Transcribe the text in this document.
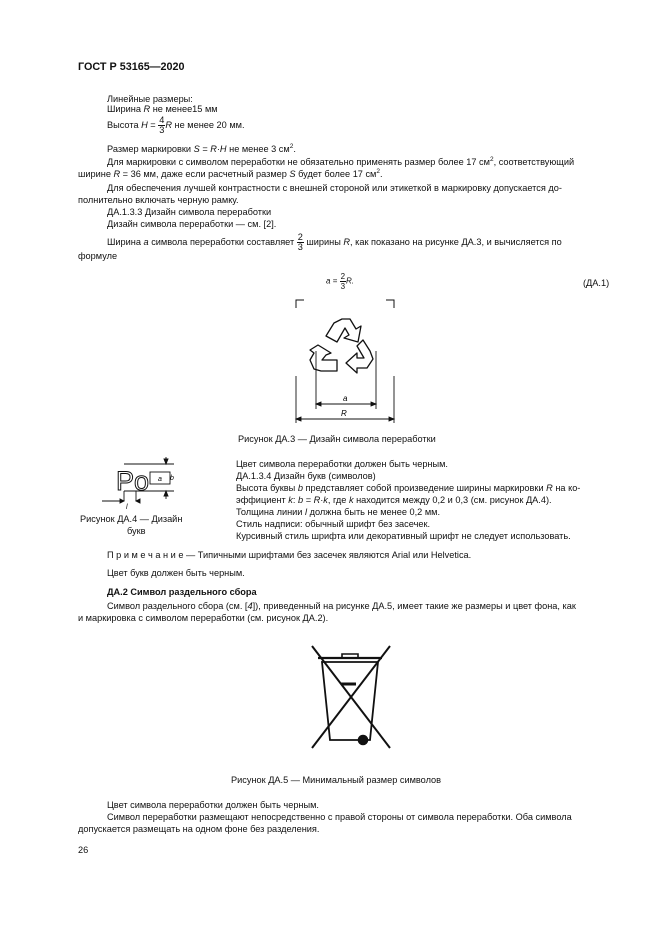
ГОСТ Р 53165—2020
Линейные размеры:
Ширина R не менее15 мм
Высота $H = \frac{4}{3}$ R не менее 20 мм.
Размер маркировки S = R·H не менее 3 $см^2$.
Для маркировки с символом переработки не обязательно применять размер более 17 $см^2$, соответствующий
ширине R = 36 мм, даже если расчетный размер S будет более 17 $см^2$.
Для обеспечения лучшей контрастности с внешней стороной или этикеткой в маркировку допускается до-
полнительно включать черную рамку.
ДА.1.3.3 Дизайн символа переработки
Дизайн символа переработки — см. [2].
Ширина a символа переработки составляет $\frac{2}{3}$ ширины R, как показано на рисунке ДА.3, и вычисляется по
формуле
$a = \frac{2}{3} R$.	(ДА.1)
a
R
Рисунок ДА.3 — Дизайн символа переработки
Po	b
a
l
Рисунок ДА.4 — Дизайн
букв
Цвет символа переработки должен быть черным.
ДА.1.3.4 Дизайн букв (символов)
Высота буквы b представляет собой произведение ширины маркировки R на ко-
эффициент k: b = R·k, где k находится между 0,2 и 0,3 (см. рисунок ДА.4).
Толщина линии l должна быть не менее 0,2 мм.
Стиль надписи: обычный шрифт без засечек.
Курсивный стиль шрифта или декоративный шрифт не следует использовать.
П р и м е ч а н и е — Типичными шрифтами без засечек являются Arial или Helvetica.
Цвет букв должен быть черным.
ДА.2 Символ раздельного сбора
Символ раздельного сбора (см. [4]), приведенный на рисунке ДА.5, имеет такие же размеры и цвет фона, как
и маркировка с символом переработки (см. рисунок ДА.2).
Рисунок ДА.5 — Минимальный размер символов
Цвет символа переработки должен быть черным.
Символ переработки размещают непосредственно с правой стороны от символа переработки. Оба символа
допускается размещать на одном фоне без разделения.
26
